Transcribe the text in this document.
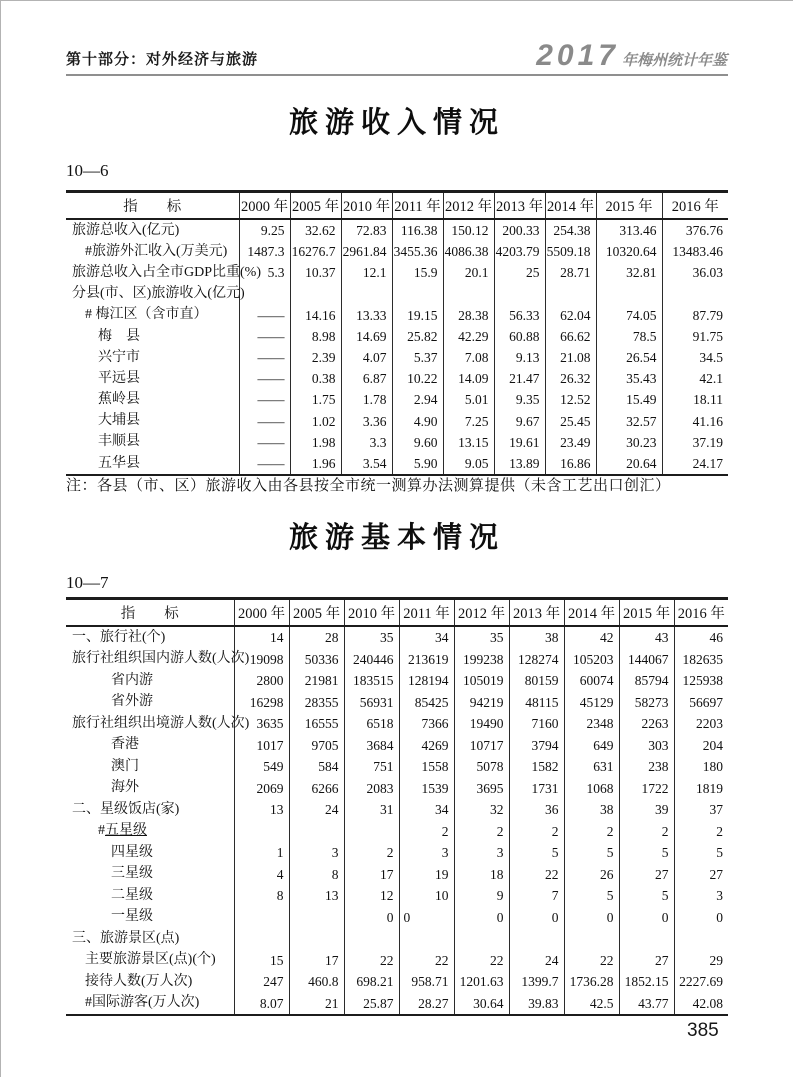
第十部分：对外经济与旅游	2017 年梅州统计年鉴
旅游收入情况
10—6
指　　标	2000 年	2005 年	2010 年	2011 年	2012 年	2013 年	2014 年	2015 年	2016 年
旅游总收入(亿元)	9.25	32.62	72.83	116.38	150.12	200.33	254.38	313.46	376.76
#旅游外汇收入(万美元)	1487.3	16276.7	2961.84	3455.36	4086.38	4203.79	5509.18	10320.64	13483.46
旅游总收入占全市GDP比重(%)	5.3	10.37	12.1	15.9	20.1	25	28.71	32.81	36.03
分县(市、区)旅游收入(亿元)									
# 梅江区（含市直）	——	14.16	13.33	19.15	28.38	56.33	62.04	74.05	87.79
梅　县	——	8.98	14.69	25.82	42.29	60.88	66.62	78.5	91.75
兴宁市	——	2.39	4.07	5.37	7.08	9.13	21.08	26.54	34.5
平远县	——	0.38	6.87	10.22	14.09	21.47	26.32	35.43	42.1
蕉岭县	——	1.75	1.78	2.94	5.01	9.35	12.52	15.49	18.11
大埔县	——	1.02	3.36	4.90	7.25	9.67	25.45	32.57	41.16
丰顺县	——	1.98	3.3	9.60	13.15	19.61	23.49	30.23	37.19
五华县	——	1.96	3.54	5.90	9.05	13.89	16.86	20.64	24.17
注：各县（市、区）旅游收入由各县按全市统一测算办法测算提供（未含工艺出口创汇）
旅游基本情况
10—7
指　　标	2000 年	2005 年	2010 年	2011 年	2012 年	2013 年	2014 年	2015 年	2016 年
一、旅行社(个)	14	28	35	34	35	38	42	43	46
旅行社组织国内游人数(人次)	19098	50336	240446	213619	199238	128274	105203	144067	182635
省内游	2800	21981	183515	128194	105019	80159	60074	85794	125938
省外游	16298	28355	56931	85425	94219	48115	45129	58273	56697
旅行社组织出境游人数(人次)	3635	16555	6518	7366	19490	7160	2348	2263	2203
香港	1017	9705	3684	4269	10717	3794	649	303	204
澳门	549	584	751	1558	5078	1582	631	238	180
海外	2069	6266	2083	1539	3695	1731	1068	1722	1819
二、星级饭店(家)	13	24	31	34	32	36	38	39	37
#五星级				2	2	2	2	2	2
四星级	1	3	2	3	3	5	5	5	5
三星级	4	8	17	19	18	22	26	27	27
二星级	8	13	12	10	9	7	5	5	3
一星级			0	0	0	0	0	0	0
三、旅游景区(点)									
主要旅游景区(点)(个)	15	17	22	22	22	24	22	27	29
接待人数(万人次)	247	460.8	698.21	958.71	1201.63	1399.7	1736.28	1852.15	2227.69
#国际游客(万人次)	8.07	21	25.87	28.27	30.64	39.83	42.5	43.77	42.08
385
